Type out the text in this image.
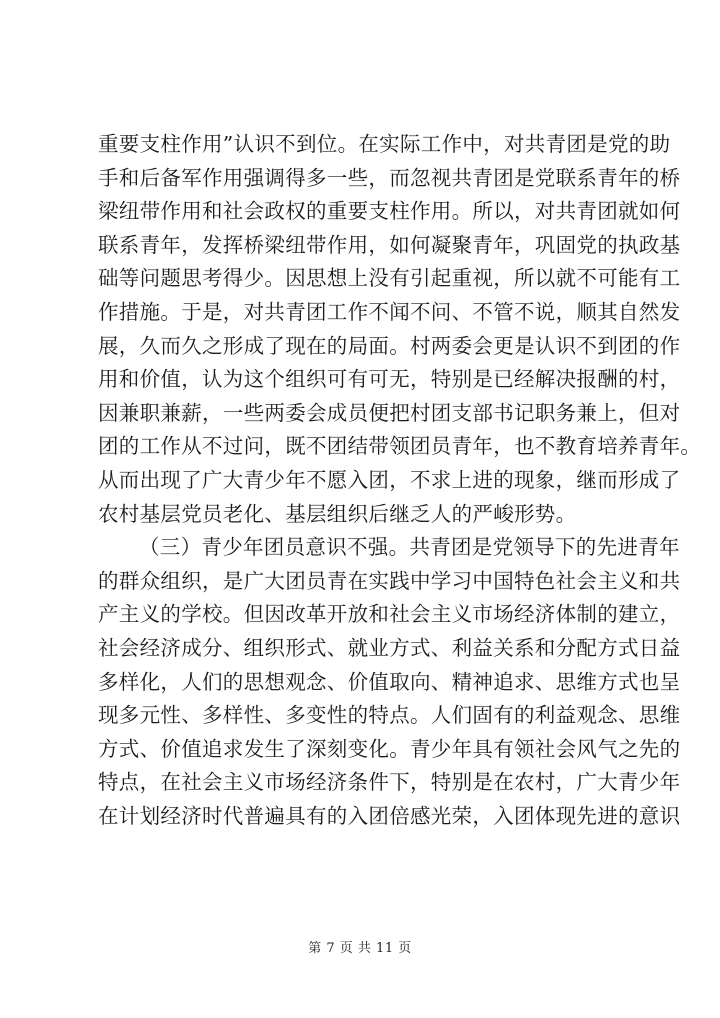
重要支柱作用”认识不到位。在实际工作中，对共青团是党的助
手和后备军作用强调得多一些，而忽视共青团是党联系青年的桥
梁纽带作用和社会政权的重要支柱作用。所以，对共青团就如何
联系青年，发挥桥梁纽带作用，如何凝聚青年，巩固党的执政基
础等问题思考得少。因思想上没有引起重视，所以就不可能有工
作措施。于是，对共青团工作不闻不问、不管不说，顺其自然发
展，久而久之形成了现在的局面。村两委会更是认识不到团的作
用和价值，认为这个组织可有可无，特别是已经解决报酬的村，
因兼职兼薪，一些两委会成员便把村团支部书记职务兼上，但对
团的工作从不过问，既不团结带领团员青年，也不教育培养青年。
从而出现了广大青少年不愿入团，不求上进的现象，继而形成了
农村基层党员老化、基层组织后继乏人的严峻形势。
（三）青少年团员意识不强。共青团是党领导下的先进青年
的群众组织，是广大团员青在实践中学习中国特色社会主义和共
产主义的学校。但因改革开放和社会主义市场经济体制的建立，
社会经济成分、组织形式、就业方式、利益关系和分配方式日益
多样化，人们的思想观念、价值取向、精神追求、思维方式也呈
现多元性、多样性、多变性的特点。人们固有的利益观念、思维
方式、价值追求发生了深刻变化。青少年具有领社会风气之先的
特点，在社会主义市场经济条件下，特别是在农村，广大青少年
在计划经济时代普遍具有的入团倍感光荣，入团体现先进的意识
第 7 页 共 11 页
